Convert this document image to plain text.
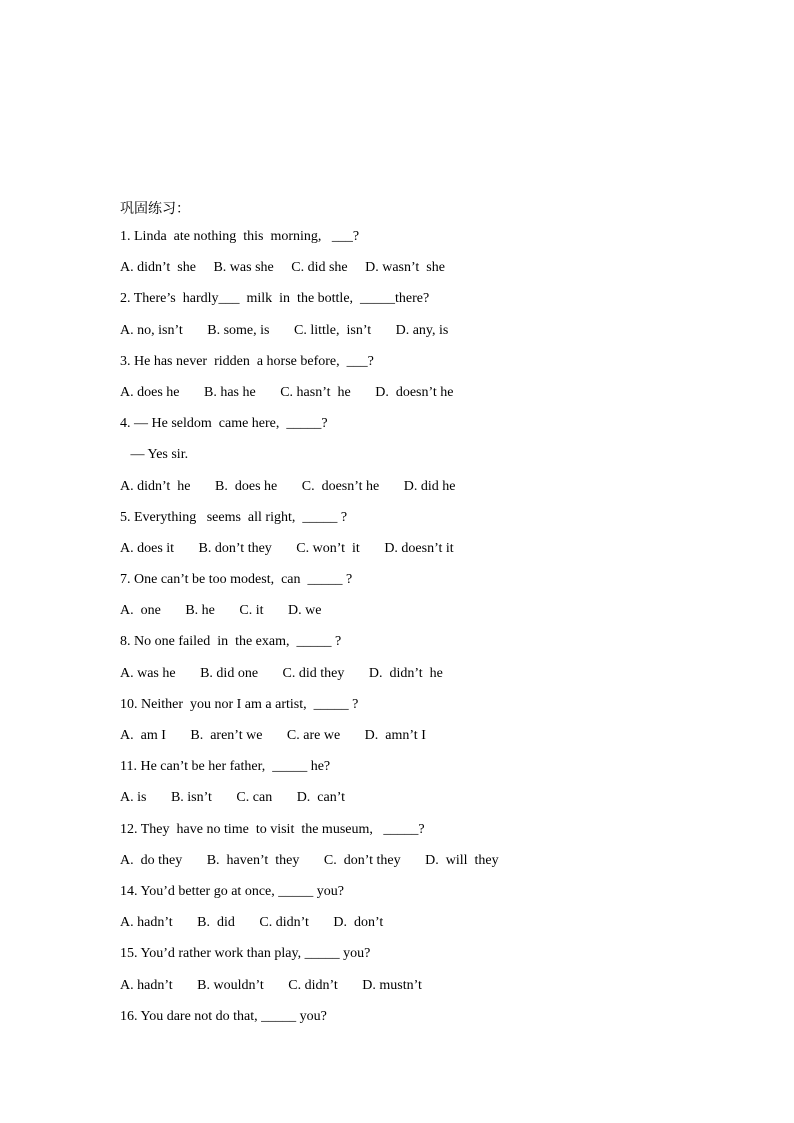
巩固练习：
1. Linda  ate nothing  this  morning,   ___?
A. didn’t  she     B. was she     C. did she     D. wasn’t  she
2. There’s  hardly___  milk  in  the bottle,  _____there?
A. no, isn’t       B. some, is       C. little,  isn’t       D. any, is
3. He has never  ridden  a horse before,  ___?
A. does he       B. has he       C. hasn’t  he       D.  doesn’t he
4. — He seldom  came here,  _____?
— Yes sir.
A. didn’t  he       B.  does he       C.  doesn’t he       D. did he
5. Everything   seems  all right,  _____ ?
A. does it       B. don’t they       C. won’t  it       D. doesn’t it
7. One can’t be too modest,  can  _____ ?
A.  one       B. he       C. it       D. we
8. No one failed  in  the exam,  _____ ?
A. was he       B. did one       C. did they       D.  didn’t  he
10. Neither  you nor I am a artist,  _____ ?
A.  am I       B.  aren’t we       C. are we       D.  amn’t I
11. He can’t be her father,  _____ he?
A. is       B. isn’t       C. can       D.  can’t
12. They  have no time  to visit  the museum,   _____?
A.  do they       B.  haven’t  they       C.  don’t they       D.  will  they
14. You’d better go at once, _____ you?
A. hadn’t       B.  did       C. didn’t       D.  don’t
15. You’d rather work than play, _____ you?
A. hadn’t       B. wouldn’t       C. didn’t       D. mustn’t
16. You dare not do that, _____ you?
